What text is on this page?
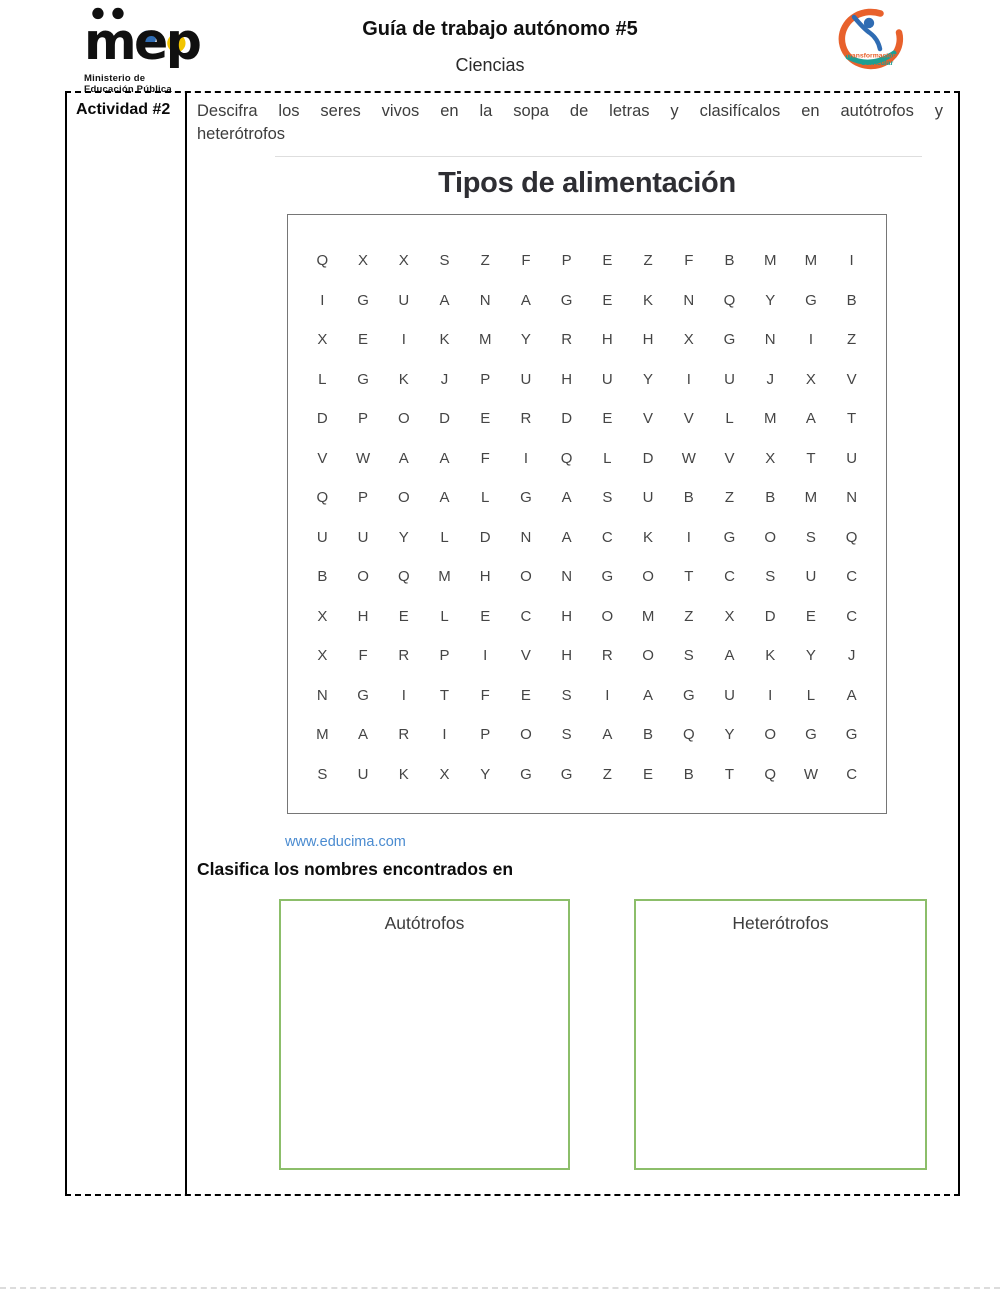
mep
Ministerio de
Educación Pública
Guía de trabajo autónomo #5
Ciencias	Transformación
Curricular
Actividad #2	Descifra los seres vivos en la sopa de letras y clasifícalos en autótrofos y
heterótrofos
Tipos de alimentación
Q	X	X	S	Z	F	P	E	Z	F	B	M	M	I
I	G	U	A	N	A	G	E	K	N	Q	Y	G	B
X	E	I	K	M	Y	R	H	H	X	G	N	I	Z
L	G	K	J	P	U	H	U	Y	I	U	J	X	V
D	P	O	D	E	R	D	E	V	V	L	M	A	T
V	W	A	A	F	I	Q	L	D	W	V	X	T	U
Q	P	O	A	L	G	A	S	U	B	Z	B	M	N
U	U	Y	L	D	N	A	C	K	I	G	O	S	Q
B	O	Q	M	H	O	N	G	O	T	C	S	U	C
X	H	E	L	E	C	H	O	M	Z	X	D	E	C
X	F	R	P	I	V	H	R	O	S	A	K	Y	J
N	G	I	T	F	E	S	I	A	G	U	I	L	A
M	A	R	I	P	O	S	A	B	Q	Y	O	G	G
S	U	K	X	Y	G	G	Z	E	B	T	Q	W	C
www.educima.com
Clasifica los nombres encontrados en
Autótrofos	Heterótrofos
